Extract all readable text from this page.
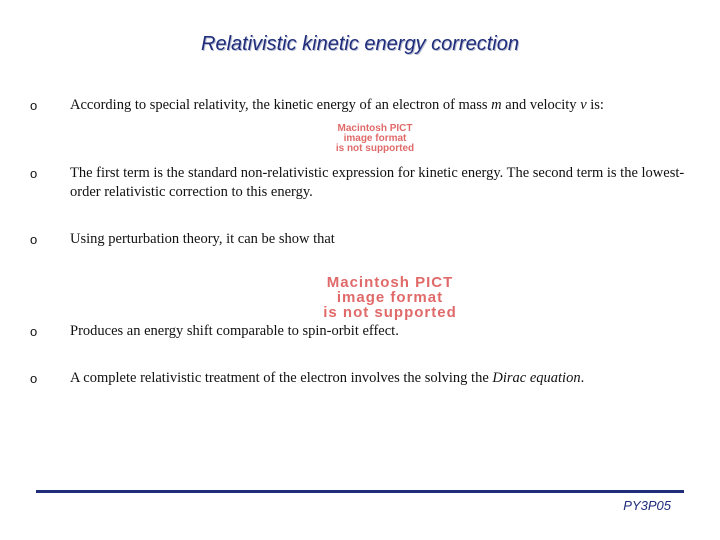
Relativistic kinetic energy correction
o According to special relativity, the kinetic energy of an electron of mass m and velocity v is:
Macintosh PICT
image format
is not supported
o The first term is the standard non-relativistic expression for kinetic energy. The second term is the lowest-order relativistic correction to this energy.
o Using perturbation theory, it can be show that
Macintosh PICT
image format
is not supported
o Produces an energy shift comparable to spin-orbit effect.
o A complete relativistic treatment of the electron involves the solving the Dirac equation.
PY3P05
